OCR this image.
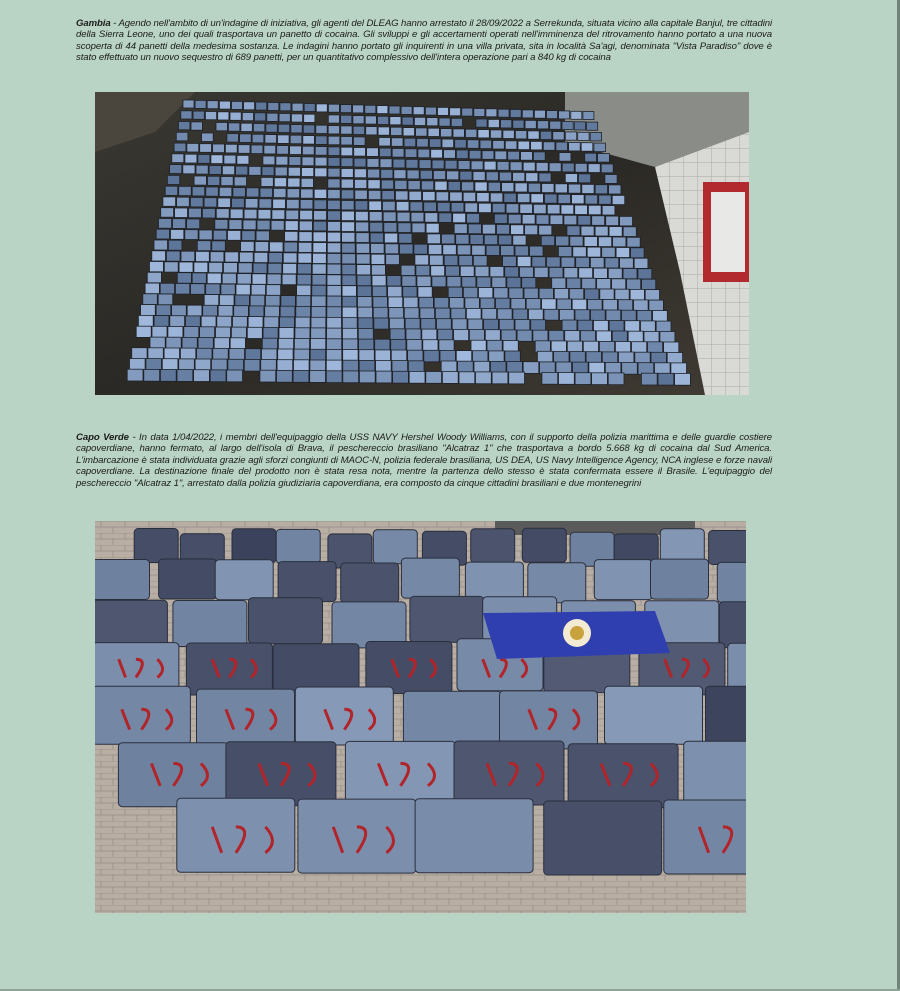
Gambia - Agendo nell'ambito di un'indagine di iniziativa, gli agenti del DLEAG hanno arrestato il 28/09/2022 a Serrekunda, situata vicino alla capitale Banjul, tre cittadini della Sierra Leone, uno dei quali trasportava un panetto di cocaina. Gli sviluppi e gli accertamenti operati nell'imminenza del ritrovamento hanno portato a una nuova scoperta di 44 panetti della medesima sostanza. Le indagini hanno portato gli inquirenti in una villa privata, sita in località Sa'agi, denominata "Vista Paradiso" dove è stato effettuato un nuovo sequestro di 689 panetti, per un quantitativo complessivo dell'intera operazione pari a 840 kg di cocaina

Capo Verde - In data 1/04/2022, i membri dell'equipaggio della USS NAVY Hershel Woody Williams, con il supporto della polizia marittima e delle guardie costiere capoverdiane, hanno fermato, al largo dell'isola di Brava, il peschereccio brasiliano "Alcatraz 1" che trasportava a bordo 5.668 kg di cocaina dal Sud America. L'imbarcazione è stata individuata grazie agli sforzi congiunti di MAOC-N, polizia federale brasiliana, US DEA, US Navy Intelligence Agency, NCA inglese e forze navali capoverdiane. La destinazione finale del prodotto non è stata resa nota, mentre la partenza dello stesso è stata confermata essere il Brasile. L'equipaggio del peschereccio "Alcatraz 1", arrestato dalla polizia giudiziaria capoverdiana, era composto da cinque cittadini brasiliani e due montenegrini
